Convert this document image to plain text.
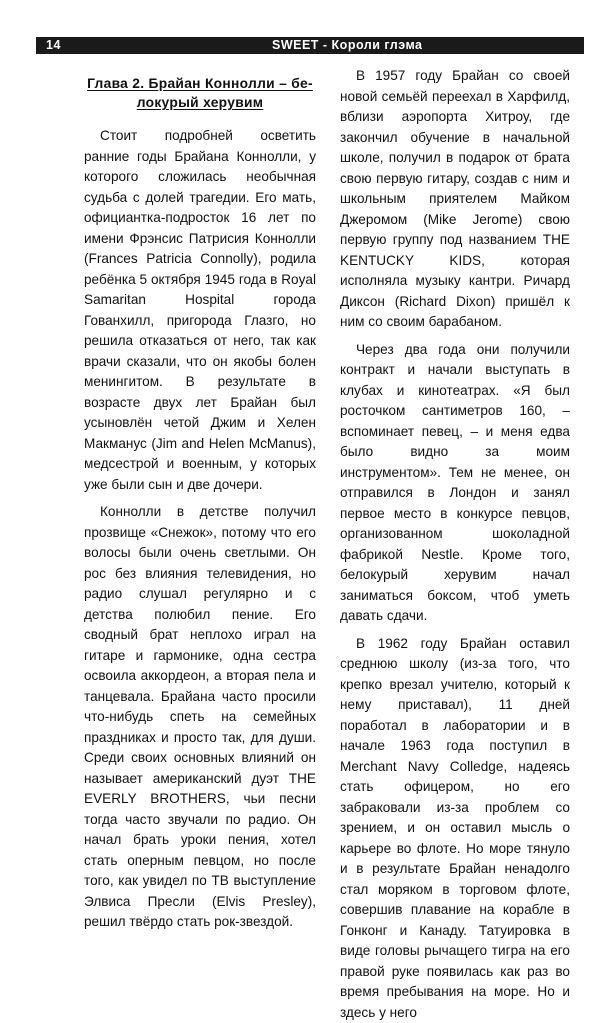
14	SWEET - Короли глэма
Глава 2. Брайан Коннолли – бе-
локурый херувим

Стоит подробней осветить ранние годы Брайана Коннолли, у которого сложилась необычная судьба с долей трагедии. Его мать, официантка-подросток 16 лет по имени Фрэнсис Патрисия Коннолли (Frances Patricia Connolly), родила ребёнка 5 октября 1945 года в Royal Samaritan Hospital города Гованхилл, пригорода Глазго, но решила отказаться от него, так как врачи сказали, что он якобы болен менингитом. В результате в возрасте двух лет Брайан был усыновлён четой Джим и Хелен Макманус (Jim and Helen McManus), медсестрой и военным, у которых уже были сын и две дочери.

Коннолли в детстве получил прозвище «Снежок», потому что его волосы были очень светлыми. Он рос без влияния телевидения, но радио слушал регулярно и с детства полюбил пение. Его сводный брат неплохо играл на гитаре и гармонике, одна сестра освоила аккордеон, а вторая пела и танцевала. Брайана часто просили что-нибудь спеть на семейных праздниках и просто так, для души. Среди своих основных влияний он называет американский дуэт THE EVERLY BROTHERS, чьи песни тогда часто звучали по радио. Он начал брать уроки пения, хотел стать оперным певцом, но после того, как увидел по ТВ выступление Элвиса Пресли (Elvis Presley), решил твёрдо стать рок-звездой.

В 1957 году Брайан со своей новой семьёй переехал в Харфилд, вблизи аэропорта Хитроу, где закончил обучение в начальной школе, получил в подарок от брата свою первую гитару, создав с ним и школьным приятелем Майком Джеромом (Mike Jerome) свою первую группу под названием THE KENTUCKY KIDS, которая исполняла музыку кантри. Ричард Диксон (Richard Dixon) пришёл к ним со своим барабаном.

Через два года они получили контракт и начали выступать в клубах и кинотеатрах. «Я был росточком сантиметров 160, – вспоминает певец, – и меня едва было видно за моим инструментом». Тем не менее, он отправился в Лондон и занял первое место в конкурсе певцов, организованном шоколадной фабрикой Nestle. Кроме того, белокурый херувим начал заниматься боксом, чтоб уметь давать сдачи.

В 1962 году Брайан оставил среднюю школу (из-за того, что крепко врезал учителю, который к нему приставал), 11 дней поработал в лаборатории и в начале 1963 года поступил в Merchant Navy Colledge, надеясь стать офицером, но его забраковали из-за проблем со зрением, и он оставил мысль о карьере во флоте. Но море тянуло и в результате Брайан ненадолго стал моряком в торговом флоте, совершив плавание на корабле в Гонконг и Канаду. Татуировка в виде головы рычащего тигра на его правой руке появилась как раз во время пребывания на море. Но и здесь у него
